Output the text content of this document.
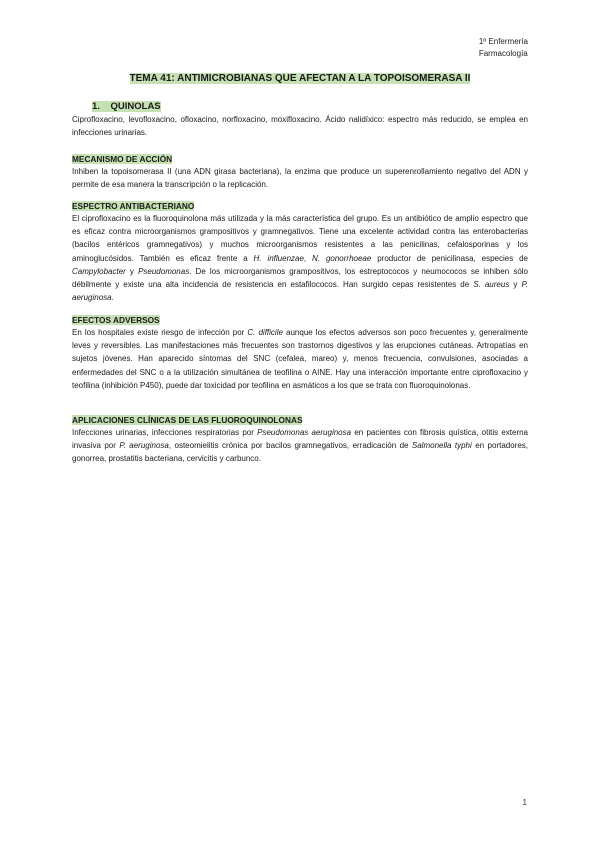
1º Enfermería
Farmacología
TEMA 41: ANTIMICROBIANAS QUE AFECTAN A LA TOPOISOMERASA II
1. QUINOLAS

Ciprofloxacino, levofloxacino, ofloxacino, norfloxacino, moxifloxacino. Ácido nalidíxico: espectro más reducido, se emplea en infecciones urinarias.

MECANISMO DE ACCIÓN

Inhiben la topoisomerasa II (una ADN girasa bacteriana), la enzima que produce un superenrollamiento negativo del ADN y permite de esa manera la transcripción o la replicación.

ESPECTRO ANTIBACTERIANO

El ciprofloxacino es la fluoroquinolona más utilizada y la más característica del grupo. Es un antibiótico de amplio espectro que es eficaz contra microorganismos grampositivos y gramnegativos. Tiene una excelente actividad contra las enterobacterias (bacilos entéricos gramnegativos) y muchos microorganismos resistentes a las penicilinas, cefalosporinas y los aminoglucósidos. También es eficaz frente a H. influenzae, N. gonorrhoeae productor de penicilinasa, especies de Campylobacter y Pseudomonas. De los microorganismos grampositivos, los estreptococos y neumococos se inhiben sólo débilmente y existe una alta incidencia de resistencia en estafilococos. Han surgido cepas resistentes de S. aureus y P. aeruginosa.

EFECTOS ADVERSOS

En los hospitales existe riesgo de infección por C. difficile aunque los efectos adversos son poco frecuentes y, generalmente leves y reversibles. Las manifestaciones más frecuentes son trastornos digestivos y las erupciones cutáneas. Artropatías en sujetos jóvenes. Han aparecido síntomas del SNC (cefalea, mareo) y, menos frecuencia, convulsiones, asociadas a enfermedades del SNC o a la utilización simultánea de teofilina o AINE. Hay una interacción importante entre ciprofloxacino y teofilina (inhibición P450), puede dar toxicidad por teofilina en asmáticos a los que se trata con fluoroquinolonas.

APLICACIONES CLÍNICAS DE LAS FLUOROQUINOLONAS

Infecciones urinarias, infecciones respiratorias por Pseudomonas aeruginosa en pacientes con fibrosis quística, otitis externa invasiva por P. aeruginosa, osteomielitis crónica por bacilos gramnegativos, erradicación de Salmonella typhi en portadores, gonorrea, prostatitis bacteriana, cervicitis y carbunco.

1
